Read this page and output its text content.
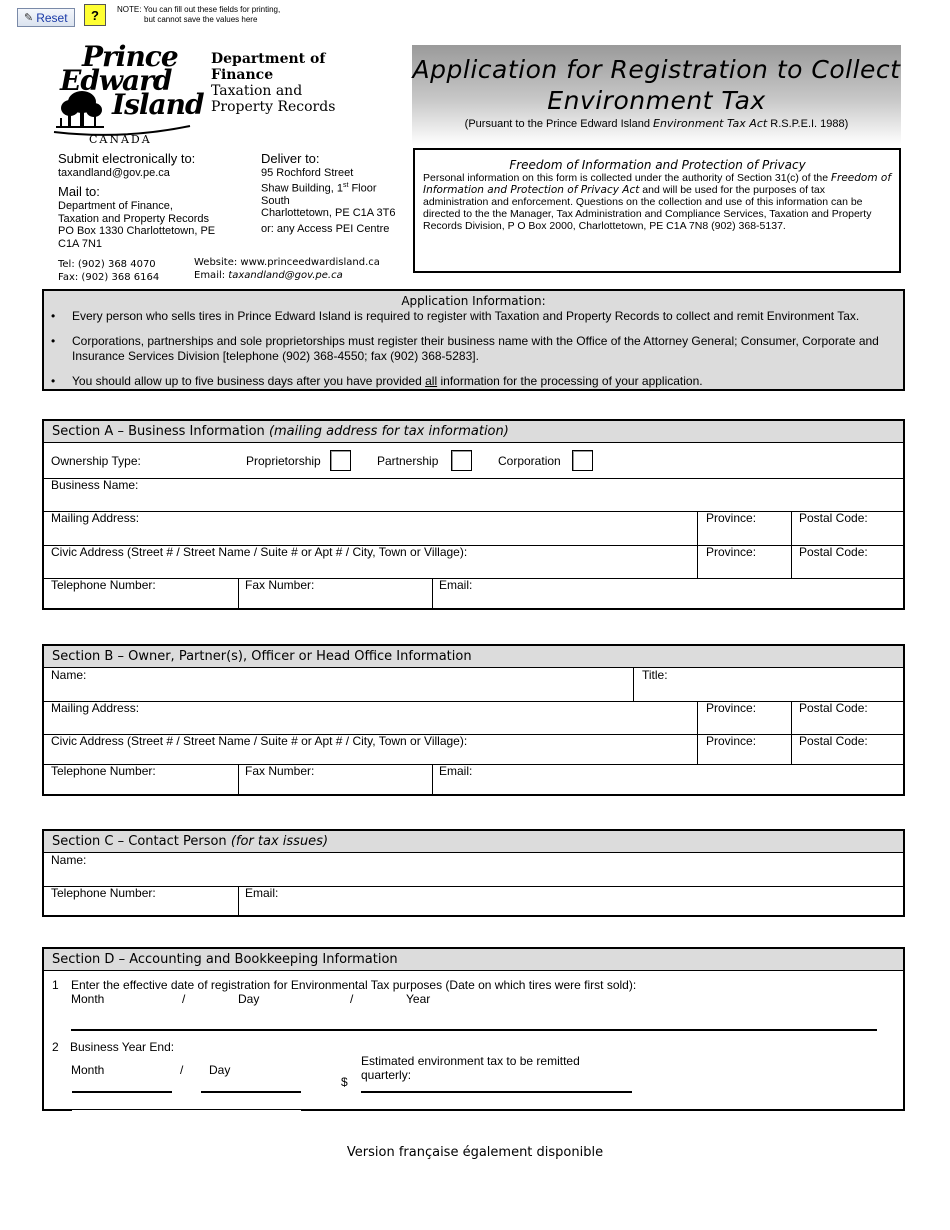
✎ Reset	?	NOTE: You can fill out these fields for printing,
but cannot save the values here
Prince
Edward
Island
CANADA
Department of
Finance
Taxation and
Property Records
Application for Registration to Collect
Environment Tax
(Pursuant to the Prince Edward Island Environment Tax Act R.S.P.E.I. 1988)
Freedom of Information and Protection of Privacy
Personal information on this form is collected under the authority of Section 31(c) of the Freedom of Information and Protection of Privacy Act and will be used for the purposes of tax administration and enforcement. Questions on the collection and use of this information can be directed to the the Manager, Tax Administration and Compliance Services, Taxation and Property Records Division, P O Box 2000, Charlottetown, PE C1A 7N8 (902) 368-5137.
Submit electronically to:
taxandland@gov.pe.ca
Mail to:
Department of Finance,
Taxation and Property Records
PO Box 1330 Charlottetown, PE
C1A 7N1
Deliver to:
95 Rochford Street
Shaw Building, 1st Floor
South
Charlottetown, PE C1A 3T6
or: any Access PEI Centre
Tel: (902) 368 4070
Fax: (902) 368 6164
Website: www.princeedwardisland.ca
Email: taxandland@gov.pe.ca
Application Information:
• Every person who sells tires in Prince Edward Island is required to register with Taxation and Property Records to collect and remit Environment Tax.
• Corporations, partnerships and sole proprietorships must register their business name with the Office of the Attorney General; Consumer, Corporate and Insurance Services Division [telephone (902) 368-4550; fax (902) 368-5283].
• You should allow up to five business days after you have provided all information for the processing of your application.
Section A – Business Information (mailing address for tax information)
Ownership Type:	Proprietorship	Partnership	Corporation
Business Name:
Mailing Address:	Province:	Postal Code:
Civic Address (Street # / Street Name / Suite # or Apt # / City, Town or Village):	Province:	Postal Code:
Telephone Number:	Fax Number:	Email:
Section B – Owner, Partner(s), Officer or Head Office Information
Name:	Title:
Mailing Address:	Province:	Postal Code:
Civic Address (Street # / Street Name / Suite # or Apt # / City, Town or Village):	Province:	Postal Code:
Telephone Number:	Fax Number:	Email:
Section C – Contact Person (for tax issues)
Name:
Telephone Number:	Email:
Section D – Accounting and Bookkeeping Information
1 Enter the effective date of registration for Environmental Tax purposes (Date on which tires were first sold):
Month	/	Day	/	Year
2 Business Year End:
Month	/ Day
$
Estimated environment tax to be remitted
quarterly:
Version française également disponible
